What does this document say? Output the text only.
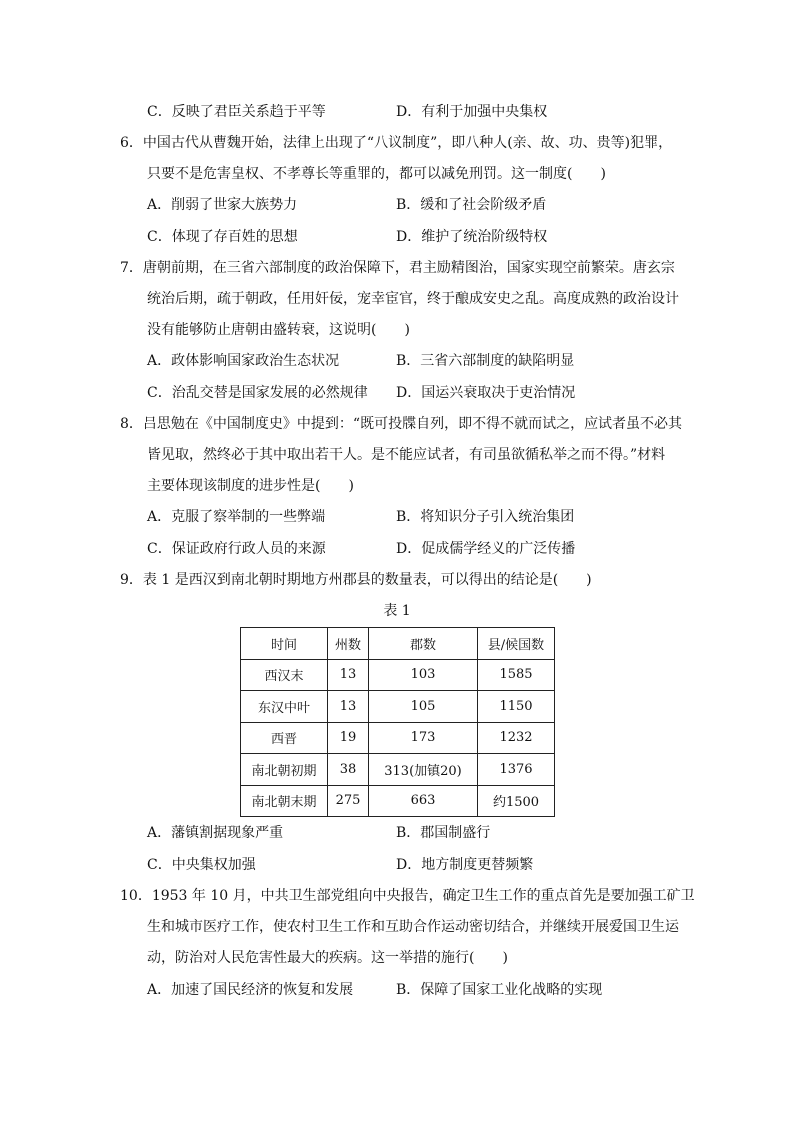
C．反映了君臣关系趋于平等	D．有利于加强中央集权
6．中国古代从曹魏开始，法律上出现了“八议制度”，即八种人(亲、故、功、贵等)犯罪，
只要不是危害皇权、不孝尊长等重罪的，都可以减免刑罚。这一制度(　　)
A．削弱了世家大族势力	B．缓和了社会阶级矛盾
C．体现了存百姓的思想	D．维护了统治阶级特权
7．唐朝前期，在三省六部制度的政治保障下，君主励精图治，国家实现空前繁荣。唐玄宗
统治后期，疏于朝政，任用奸佞，宠幸宦官，终于酿成安史之乱。高度成熟的政治设计
没有能够防止唐朝由盛转衰，这说明(　　)
A．政体影响国家政治生态状况	B．三省六部制度的缺陷明显
C．治乱交替是国家发展的必然规律 D．国运兴衰取决于吏治情况
8．吕思勉在《中国制度史》中提到：“既可投牒自列，即不得不就而试之，应试者虽不必其
皆见取，然终必于其中取出若干人。是不能应试者，有司虽欲循私举之而不得。”材料
主要体现该制度的进步性是(　　)
A．克服了察举制的一些弊端	B．将知识分子引入统治集团
C．保证政府行政人员的来源	D．促成儒学经义的广泛传播
9．表 1 是西汉到南北朝时期地方州郡县的数量表，可以得出的结论是(　　)
表 1
时间	州数	郡数	县/候国数
西汉末	13	103	1585
东汉中叶	13	105	1150
西晋	19	173	1232
南北朝初期	38	313(加镇20)	1376
南北朝末期	275	663	约1500
A．藩镇割据现象严重	B．郡国制盛行
C．中央集权加强	D．地方制度更替频繁
10．1953 年 10 月，中共卫生部党组向中央报告，确定卫生工作的重点首先是要加强工矿卫
生和城市医疗工作，使农村卫生工作和互助合作运动密切结合，并继续开展爱国卫生运
动，防治对人民危害性最大的疾病。这一举措的施行(　　)
A．加速了国民经济的恢复和发展	B．保障了国家工业化战略的实现
